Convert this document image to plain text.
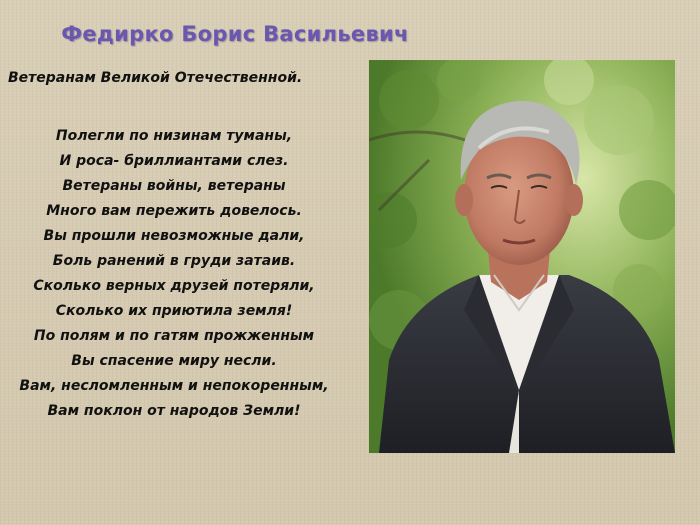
Федирко Борис Васильевич
Ветеранам Великой Отечественной.
Полегли по низинам туманы,
И роса- бриллиантами слез.
Ветераны войны, ветераны
Много вам пережить довелось.
Вы прошли невозможные дали,
Боль ранений в груди затаив.
Сколько верных друзей потеряли,
Сколько их приютила земля!
По полям и по гатям прожженным
Вы спасение миру несли.
Вам, несломленным и непокоренным,
Вам поклон от народов Земли!
